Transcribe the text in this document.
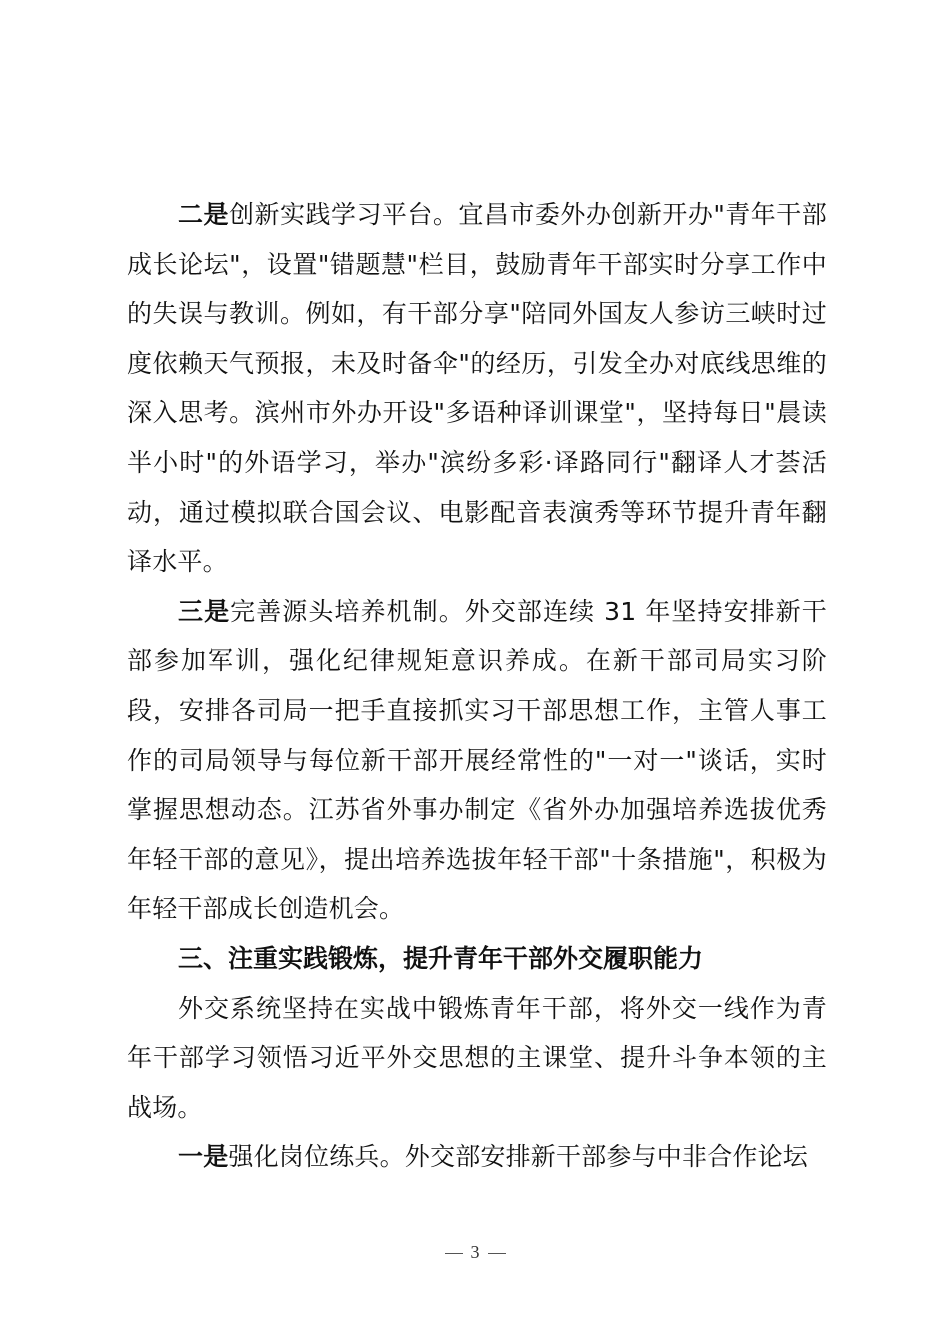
二是创新实践学习平台。宜昌市委外办创新开办"青年干部成长论坛"，设置"错题慧"栏目，鼓励青年干部实时分享工作中的失误与教训。例如，有干部分享"陪同外国友人参访三峡时过度依赖天气预报，未及时备伞"的经历，引发全办对底线思维的深入思考。滨州市外办开设"多语种译训课堂"，坚持每日"晨读半小时"的外语学习，举办"滨纷多彩·译路同行"翻译人才荟活动，通过模拟联合国会议、电影配音表演秀等环节提升青年翻译水平。

三是完善源头培养机制。外交部连续 31 年坚持安排新干部参加军训，强化纪律规矩意识养成。在新干部司局实习阶段，安排各司局一把手直接抓实习干部思想工作，主管人事工作的司局领导与每位新干部开展经常性的"一对一"谈话，实时掌握思想动态。江苏省外事办制定《省外办加强培养选拔优秀年轻干部的意见》，提出培养选拔年轻干部"十条措施"，积极为年轻干部成长创造机会。

三、注重实践锻炼，提升青年干部外交履职能力

外交系统坚持在实战中锻炼青年干部，将外交一线作为青年干部学习领悟习近平外交思想的主课堂、提升斗争本领的主战场。

一是强化岗位练兵。外交部安排新干部参与中非合作论坛

3
